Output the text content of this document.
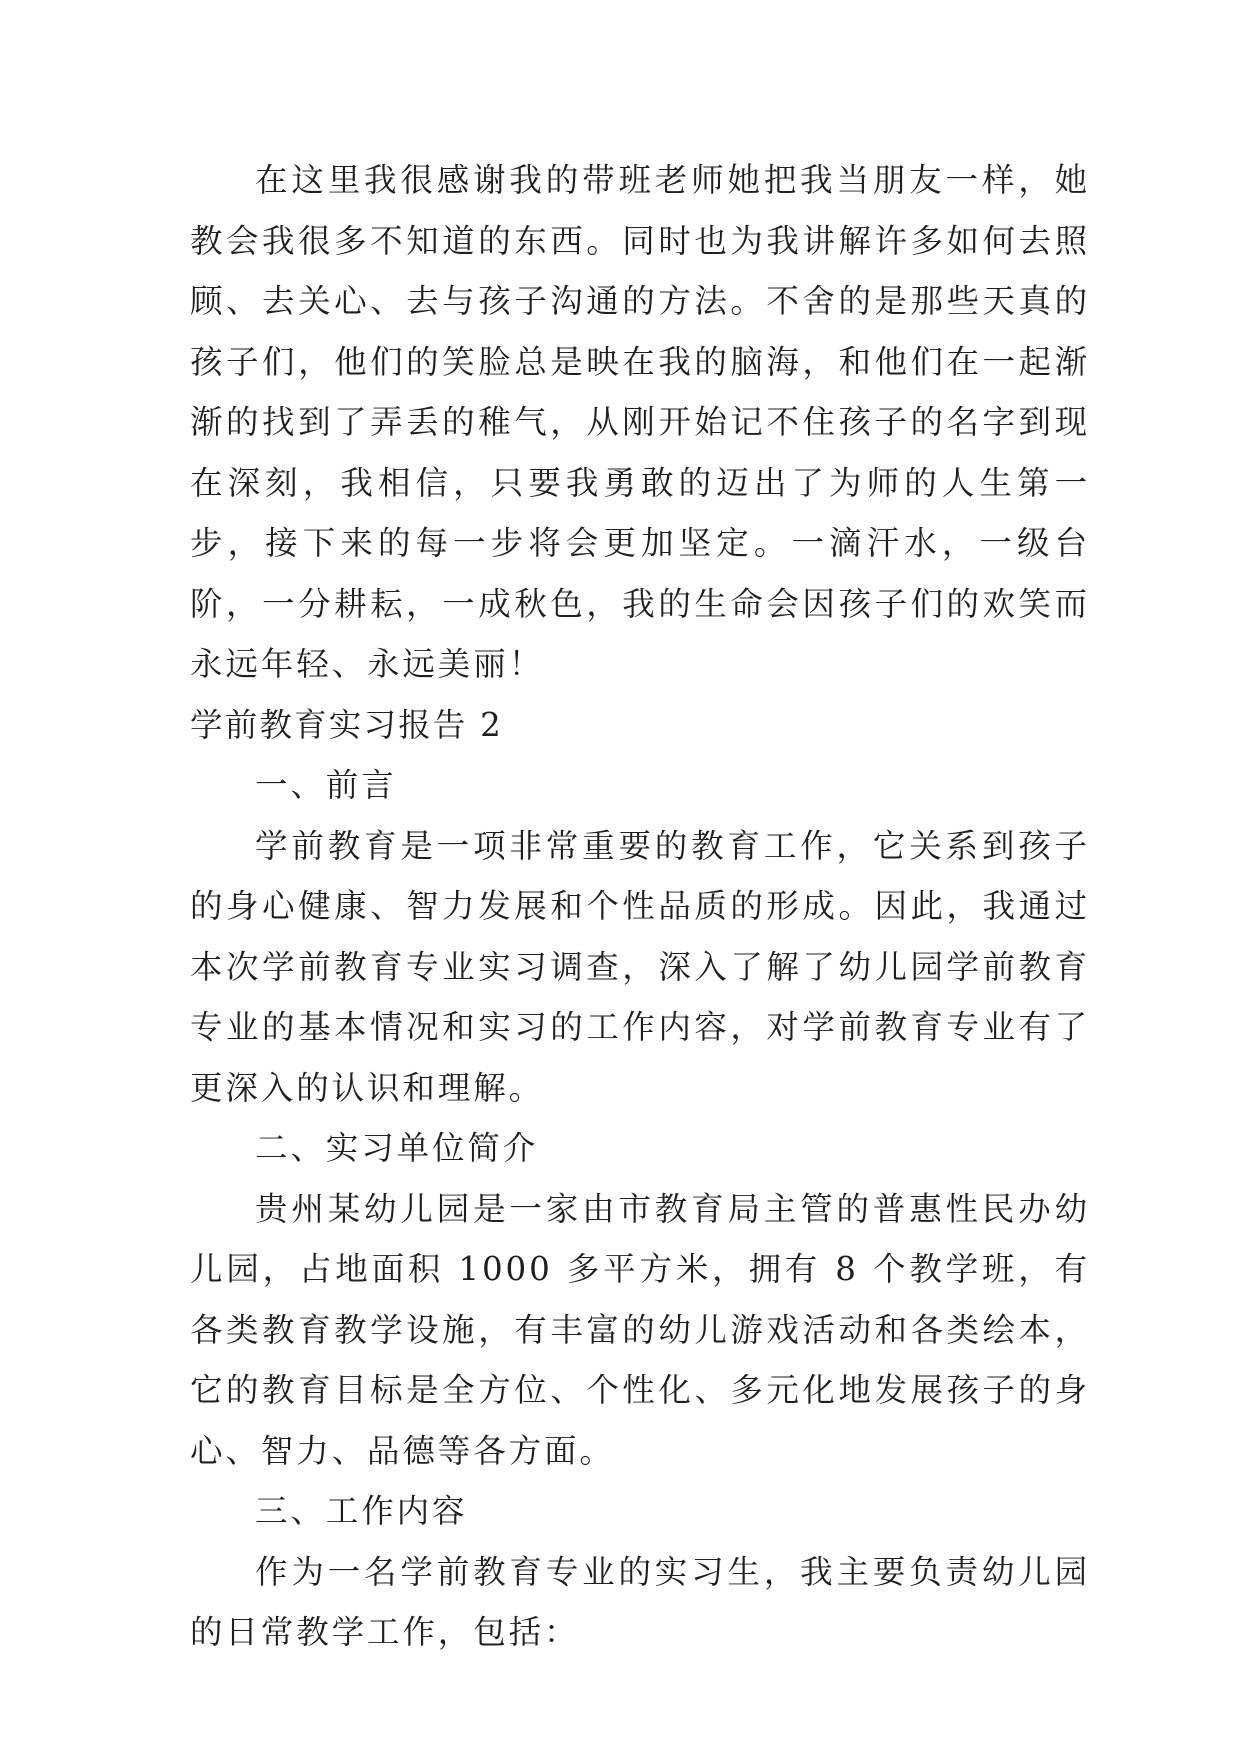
在这里我很感谢我的带班老师她把我当朋友一样，她教会我很多不知道的东西。同时也为我讲解许多如何去照顾、去关心、去与孩子沟通的方法。不舍的是那些天真的孩子们，他们的笑脸总是映在我的脑海，和他们在一起渐渐的找到了弄丢的稚气，从刚开始记不住孩子的名字到现在深刻，我相信，只要我勇敢的迈出了为师的人生第一步，接下来的每一步将会更加坚定。一滴汗水，一级台阶，一分耕耘，一成秋色，我的生命会因孩子们的欢笑而永远年轻、永远美丽！

学前教育实习报告 2

一、前言

学前教育是一项非常重要的教育工作，它关系到孩子的身心健康、智力发展和个性品质的形成。因此，我通过本次学前教育专业实习调查，深入了解了幼儿园学前教育专业的基本情况和实习的工作内容，对学前教育专业有了更深入的认识和理解。

二、实习单位简介

贵州某幼儿园是一家由市教育局主管的普惠性民办幼儿园，占地面积 1000 多平方米，拥有 8 个教学班，有各类教育教学设施，有丰富的幼儿游戏活动和各类绘本，它的教育目标是全方位、个性化、多元化地发展孩子的身心、智力、品德等各方面。

三、工作内容

作为一名学前教育专业的实习生，我主要负责幼儿园的日常教学工作，包括：
